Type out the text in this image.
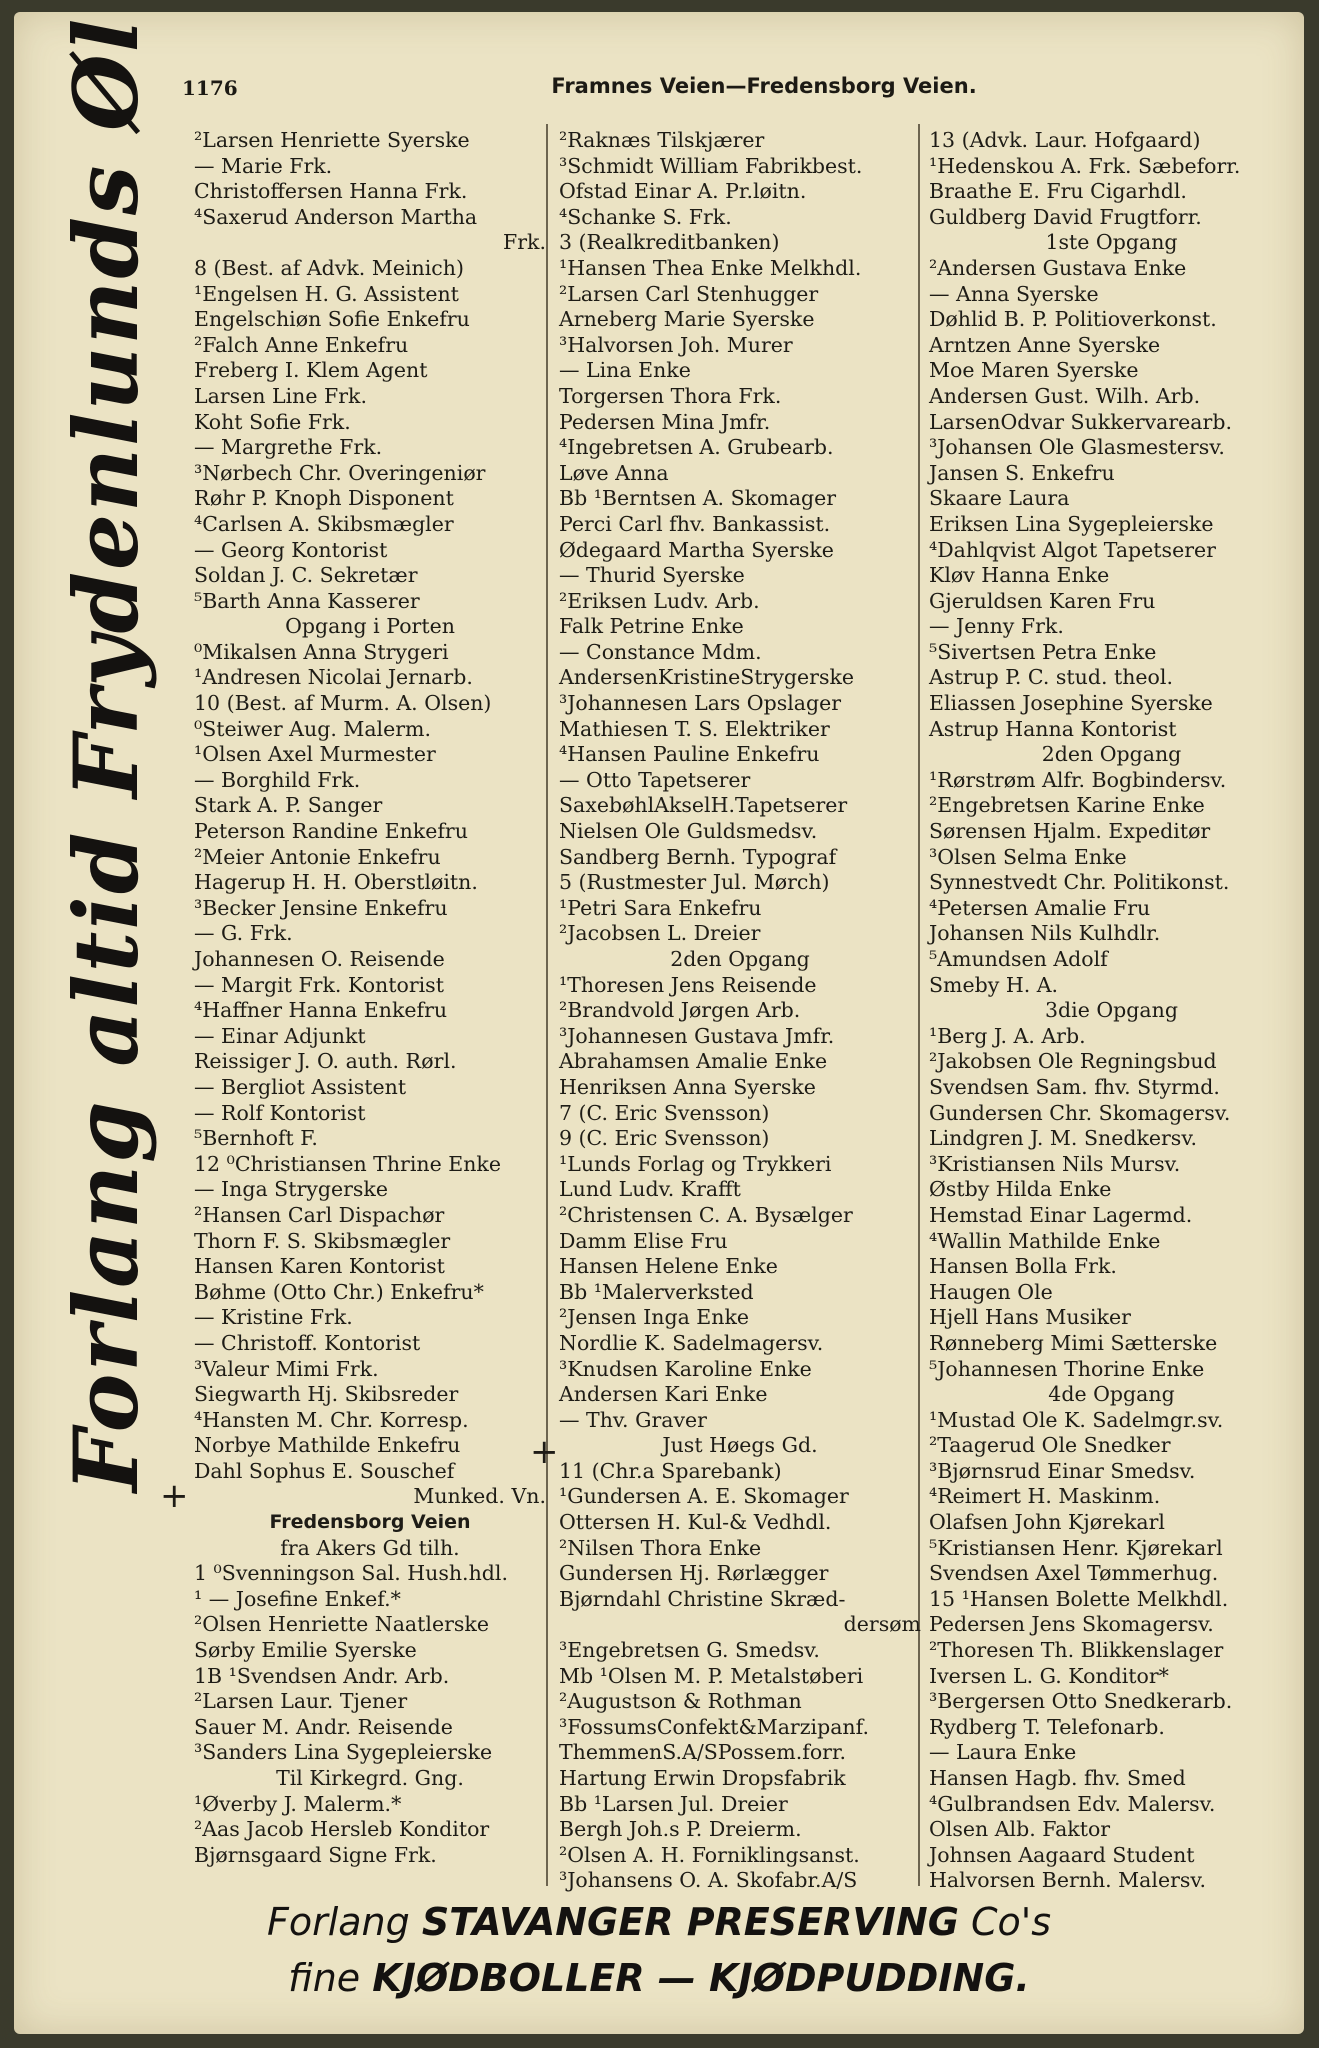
1176	Framnes Veien—Fredensborg Veien.
Forlang altid Frydenlunds Øl ²Larsen Henriette Syerske
— Marie Frk.
Christoffersen Hanna Frk.
⁴Saxerud Anderson Martha
Frk.
8 (Best. af Advk. Meinich)
¹Engelsen H. G. Assistent
Engelschiøn Sofie Enkefru
²Falch Anne Enkefru
Freberg I. Klem Agent
Larsen Line Frk.
Koht Sofie Frk.
— Margrethe Frk.
³Nørbech Chr. Overingeniør
Røhr P. Knoph Disponent
⁴Carlsen A. Skibsmægler
— Georg Kontorist
Soldan J. C. Sekretær
⁵Barth Anna Kasserer
Opgang i Porten
⁰Mikalsen Anna Strygeri
¹Andresen Nicolai Jernarb.
10 (Best. af Murm. A. Olsen)
⁰Steiwer Aug. Malerm.
¹Olsen Axel Murmester
— Borghild Frk.
Stark A. P. Sanger
Peterson Randine Enkefru
²Meier Antonie Enkefru
Hagerup H. H. Oberstløitn.
³Becker Jensine Enkefru
— G. Frk.
Johannesen O. Reisende
— Margit Frk. Kontorist
⁴Haffner Hanna Enkefru
— Einar Adjunkt
Reissiger J. O. auth. Rørl.
— Bergliot Assistent
— Rolf Kontorist
⁵Bernhoft F.
12 ⁰Christiansen Thrine Enke
— Inga Strygerske
²Hansen Carl Dispachør
Thorn F. S. Skibsmægler
Hansen Karen Kontorist
Bøhme (Otto Chr.) Enkefru*
— Kristine Frk.
— Christoff. Kontorist
³Valeur Mimi Frk.
Siegwarth Hj. Skibsreder
⁴Hansten M. Chr. Korresp.
Norbye Mathilde Enkefru
Dahl Sophus E. Souschef
Munked. Vn.
Fredensborg Veien
fra Akers Gd tilh.
1 ⁰Svenningson Sal. Hush.hdl.
¹ — Josefine Enkef.*
²Olsen Henriette Naatlerske
Sørby Emilie Syerske
1B ¹Svendsen Andr. Arb.
²Larsen Laur. Tjener
Sauer M. Andr. Reisende
³Sanders Lina Sygepleierske
Til Kirkegrd. Gng.
¹Øverby J. Malerm.*
²Aas Jacob Hersleb Konditor
Bjørnsgaard Signe Frk.
²Raknæs Tilskjærer
³Schmidt William Fabrikbest.
Ofstad Einar A. Pr.løitn.
⁴Schanke S. Frk.
3 (Realkreditbanken)
¹Hansen Thea Enke Melkhdl.
²Larsen Carl Stenhugger
Arneberg Marie Syerske
³Halvorsen Joh. Murer
— Lina Enke
Torgersen Thora Frk.
Pedersen Mina Jmfr.
⁴Ingebretsen A. Grubearb.
Løve Anna
Bb ¹Berntsen A. Skomager
Perci Carl fhv. Bankassist.
Ødegaard Martha Syerske
— Thurid Syerske
²Eriksen Ludv. Arb.
Falk Petrine Enke
— Constance Mdm.
AndersenKristineStrygerske
³Johannesen Lars Opslager
Mathiesen T. S. Elektriker
⁴Hansen Pauline Enkefru
— Otto Tapetserer
SaxebøhlAkselH.Tapetserer
Nielsen Ole Guldsmedsv.
Sandberg Bernh. Typograf
5 (Rustmester Jul. Mørch)
¹Petri Sara Enkefru
²Jacobsen L. Dreier
2den Opgang
¹Thoresen Jens Reisende
²Brandvold Jørgen Arb.
³Johannesen Gustava Jmfr.
Abrahamsen Amalie Enke
Henriksen Anna Syerske
7 (C. Eric Svensson)
9 (C. Eric Svensson)
¹Lunds Forlag og Trykkeri
Lund Ludv. Krafft
²Christensen C. A. Bysælger
Damm Elise Fru
Hansen Helene Enke
Bb ¹Malerverksted
²Jensen Inga Enke
Nordlie K. Sadelmagersv.
³Knudsen Karoline Enke
Andersen Kari Enke
— Thv. Graver
Just Høegs Gd.
11 (Chr.a Sparebank)
¹Gundersen A. E. Skomager
Ottersen H. Kul-& Vedhdl.
²Nilsen Thora Enke
Gundersen Hj. Rørlægger
Bjørndahl Christine Skræd-
dersøm
³Engebretsen G. Smedsv.
Mb ¹Olsen M. P. Metalstøberi
²Augustson & Rothman
³FossumsConfekt&Marzipanf.
ThemmenS.A/SPossem.forr.
Hartung Erwin Dropsfabrik
Bb ¹Larsen Jul. Dreier
Bergh Joh.s P. Dreierm.
²Olsen A. H. Forniklingsanst.
³Johansens O. A. Skofabr.A/S
13 (Advk. Laur. Hofgaard)
¹Hedenskou A. Frk. Sæbeforr.
Braathe E. Fru Cigarhdl.
Guldberg David Frugtforr.
1ste Opgang
²Andersen Gustava Enke
— Anna Syerske
Døhlid B. P. Politioverkonst.
Arntzen Anne Syerske
Moe Maren Syerske
Andersen Gust. Wilh. Arb.
LarsenOdvar Sukkervarearb.
³Johansen Ole Glasmestersv.
Jansen S. Enkefru
Skaare Laura
Eriksen Lina Sygepleierske
⁴Dahlqvist Algot Tapetserer
Kløv Hanna Enke
Gjeruldsen Karen Fru
— Jenny Frk.
⁵Sivertsen Petra Enke
Astrup P. C. stud. theol.
Eliassen Josephine Syerske
Astrup Hanna Kontorist
2den Opgang
¹Rørstrøm Alfr. Bogbindersv.
²Engebretsen Karine Enke
Sørensen Hjalm. Expeditør
³Olsen Selma Enke
Synnestvedt Chr. Politikonst.
⁴Petersen Amalie Fru
Johansen Nils Kulhdlr.
⁵Amundsen Adolf
Smeby H. A.
3die Opgang
¹Berg J. A. Arb.
²Jakobsen Ole Regningsbud
Svendsen Sam. fhv. Styrmd.
Gundersen Chr. Skomagersv.
Lindgren J. M. Snedkersv.
³Kristiansen Nils Mursv.
Østby Hilda Enke
Hemstad Einar Lagermd.
⁴Wallin Mathilde Enke
Hansen Bolla Frk.
Haugen Ole
Hjell Hans Musiker
Rønneberg Mimi Sætterske
⁵Johannesen Thorine Enke
4de Opgang
¹Mustad Ole K. Sadelmgr.sv.
²Taagerud Ole Snedker
³Bjørnsrud Einar Smedsv.
⁴Reimert H. Maskinm.
Olafsen John Kjørekarl
⁵Kristiansen Henr. Kjørekarl
Svendsen Axel Tømmerhug.
15 ¹Hansen Bolette Melkhdl.
Pedersen Jens Skomagersv.
²Thoresen Th. Blikkenslager
Iversen L. G. Konditor*
³Bergersen Otto Snedkerarb.
Rydberg T. Telefonarb.
— Laura Enke
Hansen Hagb. fhv. Smed
⁴Gulbrandsen Edv. Malersv.
Olsen Alb. Faktor
Johnsen Aagaard Student
Halvorsen Bernh. Malersv.
+
+
Forlang STAVANGER PRESERVING Co's
fine KJØDBOLLER — KJØDPUDDING.
